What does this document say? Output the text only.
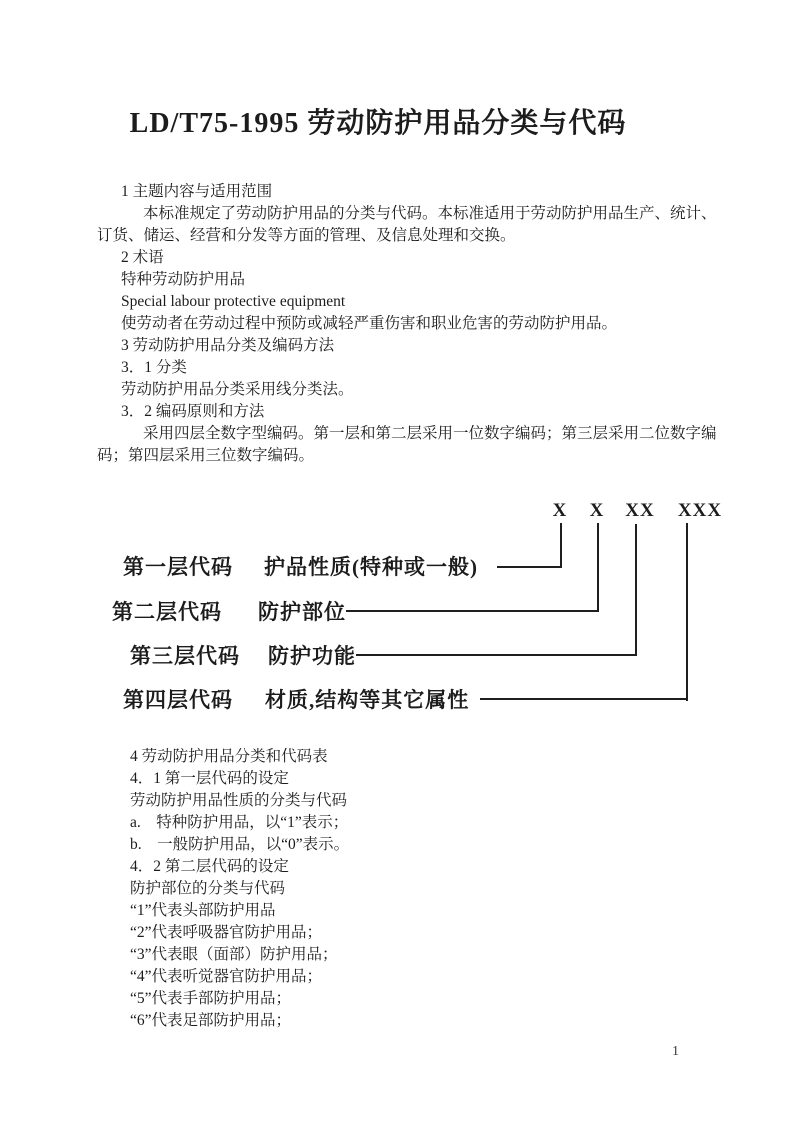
LD/T75-1995 劳动防护用品分类与代码
1 主题内容与适用范围
本标准规定了劳动防护用品的分类与代码。本标准适用于劳动防护用品生产、统计、
订货、储运、经营和分发等方面的管理、及信息处理和交换。
2 术语
特种劳动防护用品
Special labour protective equipment
使劳动者在劳动过程中预防或减轻严重伤害和职业危害的劳动防护用品。
3 劳动防护用品分类及编码方法
3．1 分类
劳动防护用品分类采用线分类法。
3．2 编码原则和方法
采用四层全数字型编码。第一层和第二层采用一位数字编码；第三层采用二位数字编
码；第四层采用三位数字编码。
X X XX XXX
第一层代码 护品性质(特种或一般)
第二层代码 防护部位
第三层代码 防护功能
第四层代码 材质,结构等其它属性
4 劳动防护用品分类和代码表
4．1 第一层代码的设定
劳动防护用品性质的分类与代码
a.　特种防护用品，以“1”表示；
b.　一般防护用品，以“0”表示。
4．2 第二层代码的设定
防护部位的分类与代码
“1”代表头部防护用品
“2”代表呼吸器官防护用品；
“3”代表眼（面部）防护用品；
“4”代表听觉器官防护用品；
“5”代表手部防护用品；
“6”代表足部防护用品；
1
